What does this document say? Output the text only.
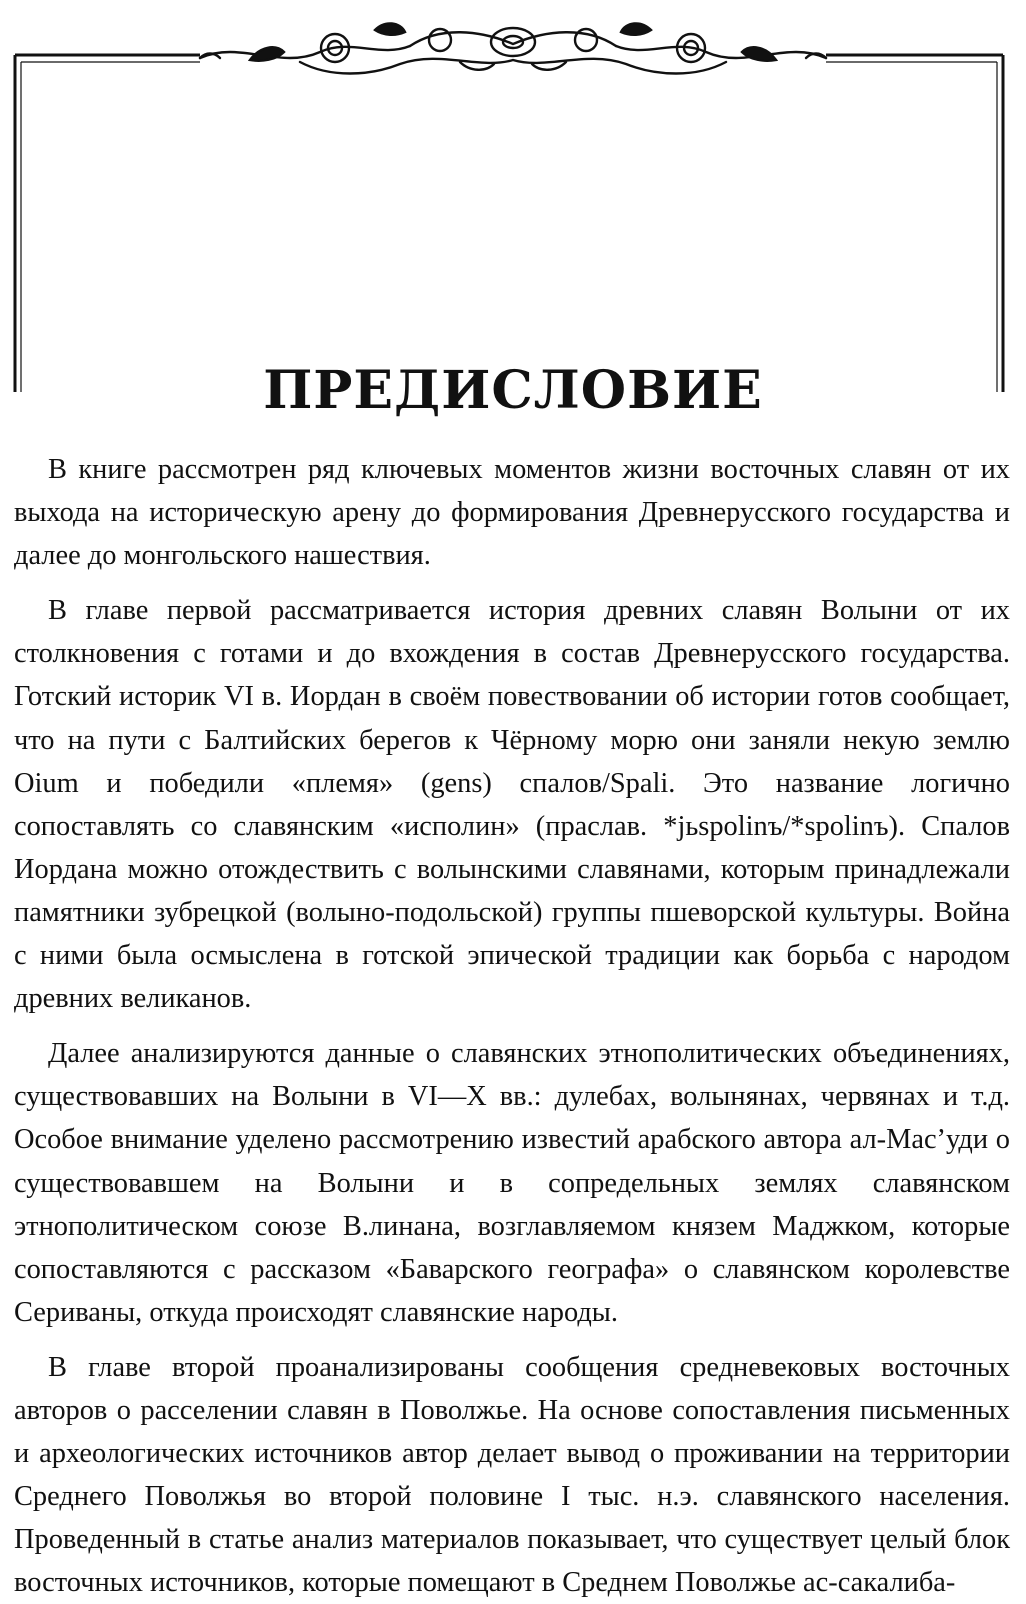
ПРЕДИСЛОВИЕ

В книге рассмотрен ряд ключевых моментов жизни восточных славян от их выхода на историческую арену до формирования Древнерусского государства и далее до монгольского нашествия.

В главе первой рассматривается история древних славян Волыни от их столкновения с готами и до вхождения в состав Древнерусского государства. Готский историк VI в. Иордан в своём повествовании об истории готов сообщает, что на пути с Балтийских берегов к Чёрному морю они заняли некую землю Oium и победили «племя» (gens) спалов/Spali. Это название логично сопоставлять со славянским «исполин» (праслав. *jьspolinъ/*spolinъ). Спалов Иордана можно отождествить с волынскими славянами, которым принадлежали памятники зубрецкой (волыно-подольской) группы пшеворской культуры. Война с ними была осмыслена в готской эпической традиции как борьба с народом древних великанов.

Далее анализируются данные о славянских этнополитических объединениях, существовавших на Волыни в VI—X вв.: дулебах, волынянах, червянах и т.д. Особое внимание уделено рассмотрению известий арабского автора ал-Мас’уди о существовавшем на Волыни и в сопредельных землях славянском этнополитическом союзе В.линана, возглавляемом князем Маджком, которые сопоставляются с рассказом «Баварского географа» о славянском королевстве Сериваны, откуда происходят славянские народы.

В главе второй проанализированы сообщения средневековых восточных авторов о расселении славян в Поволжье. На основе сопоставления письменных и археологических источников автор делает вывод о проживании на территории Среднего Поволжья во второй половине I тыс. н.э. славянского населения. Проведенный в статье анализ материалов показывает, что существует целый блок восточных источников, которые помещают в Среднем Поволжье ас-сакалиба-
